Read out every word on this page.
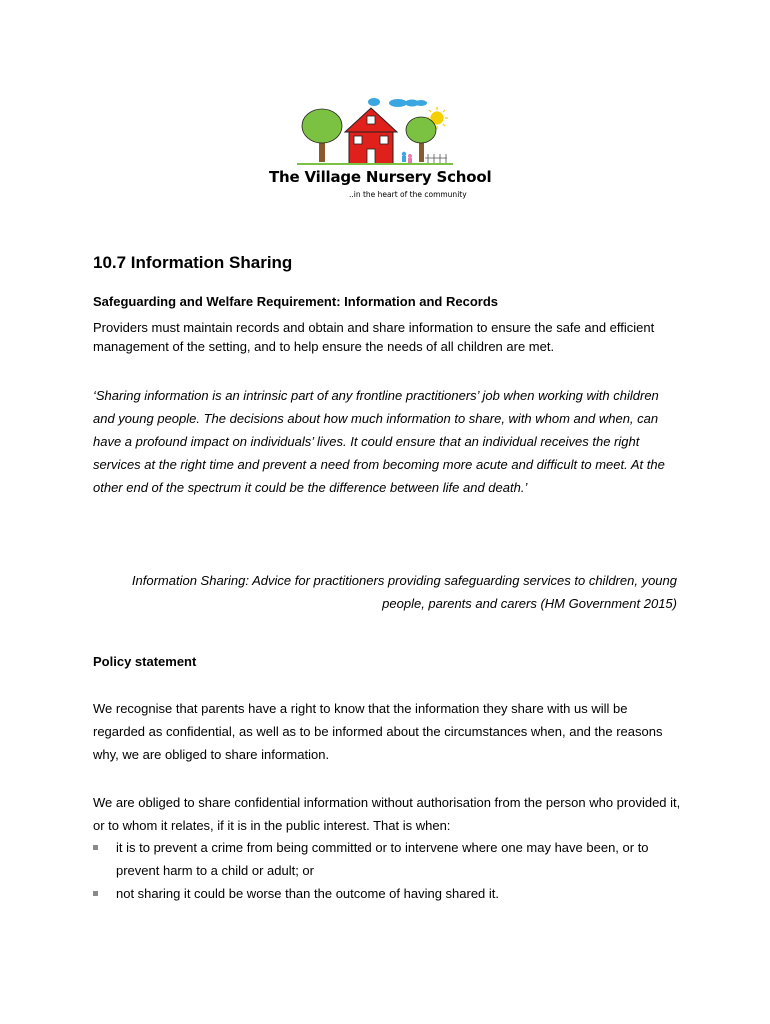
The Village Nursery School
..in the heart of the community
10.7 Information Sharing
Safeguarding and Welfare Requirement: Information and Records

Providers must maintain records and obtain and share information to ensure the safe and efficient management of the setting, and to help ensure the needs of all children are met.

‘Sharing information is an intrinsic part of any frontline practitioners’ job when working with children and young people. The decisions about how much information to share, with whom and when, can have a profound impact on individuals’ lives. It could ensure that an individual receives the right services at the right time and prevent a need from becoming more acute and difficult to meet. At the other end of the spectrum it could be the difference between life and death.’

Information Sharing: Advice for practitioners providing safeguarding services to children, young people, parents and carers (HM Government 2015)

Policy statement

We recognise that parents have a right to know that the information they share with us will be regarded as confidential, as well as to be informed about the circumstances when, and the reasons why, we are obliged to share information.

We are obliged to share confidential information without authorisation from the person who provided it, or to whom it relates, if it is in the public interest. That is when:

it is to prevent a crime from being committed or to intervene where one may have been, or to prevent harm to a child or adult; or
not sharing it could be worse than the outcome of having shared it.
